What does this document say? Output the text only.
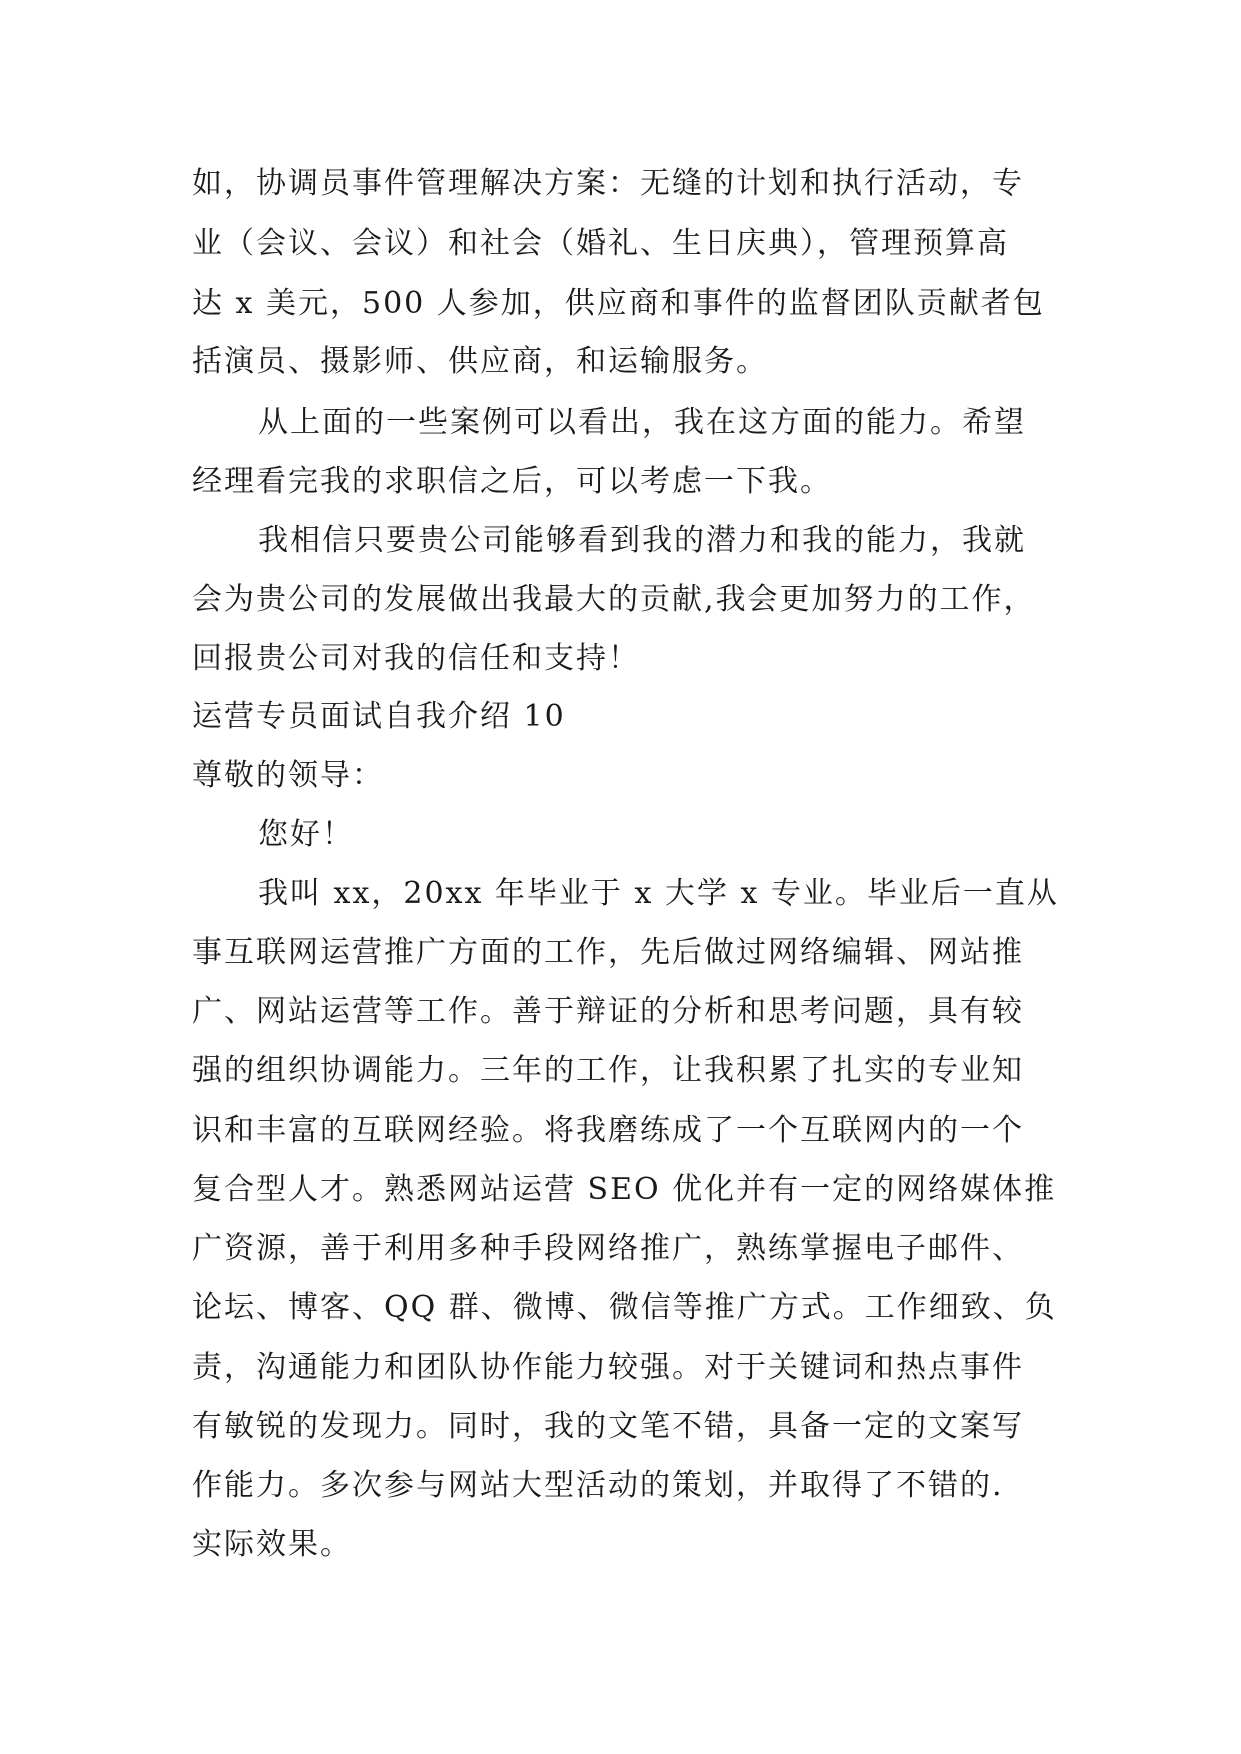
如，协调员事件管理解决方案：无缝的计划和执行活动，专
业（会议、会议）和社会（婚礼、生日庆典），管理预算高
达 x 美元，500 人参加，供应商和事件的监督团队贡献者包
括演员、摄影师、供应商，和运输服务。
从上面的一些案例可以看出，我在这方面的能力。希望
经理看完我的求职信之后，可以考虑一下我。
我相信只要贵公司能够看到我的潜力和我的能力，我就
会为贵公司的发展做出我最大的贡献,我会更加努力的工作，
回报贵公司对我的信任和支持！
运营专员面试自我介绍 10
尊敬的领导：
您好！
我叫 xx，20xx 年毕业于 x 大学 x 专业。毕业后一直从
事互联网运营推广方面的工作，先后做过网络编辑、网站推
广、网站运营等工作。善于辩证的分析和思考问题，具有较
强的组织协调能力。三年的工作，让我积累了扎实的专业知
识和丰富的互联网经验。将我磨练成了一个互联网内的一个
复合型人才。熟悉网站运营 SEO 优化并有一定的网络媒体推
广资源，善于利用多种手段网络推广，熟练掌握电子邮件、
论坛、博客、QQ 群、微博、微信等推广方式。工作细致、负
责，沟通能力和团队协作能力较强。对于关键词和热点事件
有敏锐的发现力。同时，我的文笔不错，具备一定的文案写
作能力。多次参与网站大型活动的策划，并取得了不错的.
实际效果。
